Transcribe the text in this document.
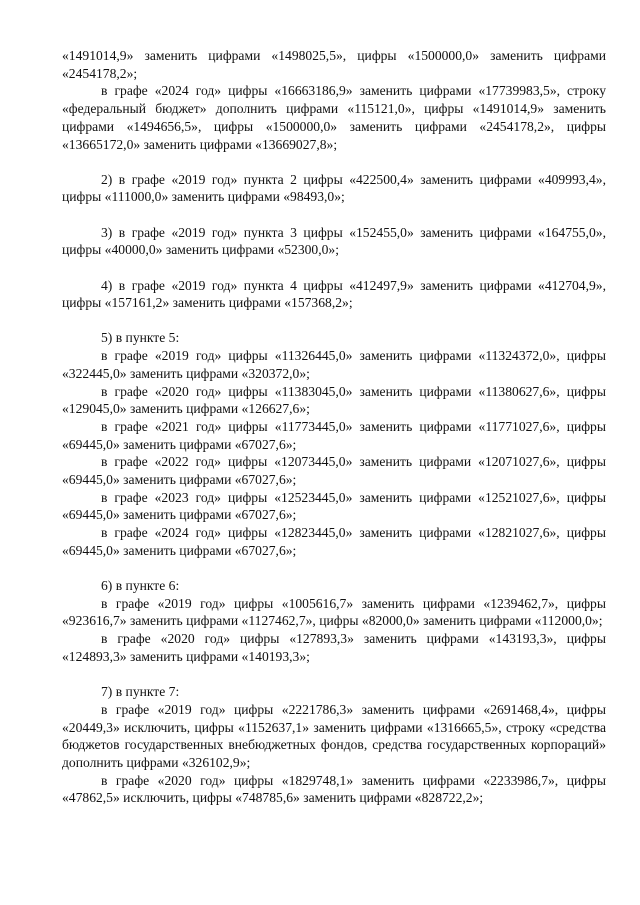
«1491014,9» заменить цифрами «1498025,5», цифры «1500000,0» заменить цифрами «2454178,2»;

в графе «2024 год» цифры «16663186,9» заменить цифрами «17739983,5», строку «федеральный бюджет» дополнить цифрами «115121,0», цифры «1491014,9» заменить цифрами «1494656,5», цифры «1500000,0» заменить цифрами «2454178,2», цифры «13665172,0» заменить цифрами «13669027,8»;

2) в графе «2019 год» пункта 2 цифры «422500,4» заменить цифрами «409993,4», цифры «111000,0» заменить цифрами «98493,0»;

3) в графе «2019 год» пункта 3 цифры «152455,0» заменить цифрами «164755,0», цифры «40000,0» заменить цифрами «52300,0»;

4) в графе «2019 год» пункта 4 цифры «412497,9» заменить цифрами «412704,9», цифры «157161,2» заменить цифрами «157368,2»;

5) в пункте 5:

в графе «2019 год» цифры «11326445,0» заменить цифрами «11324372,0», цифры «322445,0» заменить цифрами «320372,0»;

в графе «2020 год» цифры «11383045,0» заменить цифрами «11380627,6», цифры «129045,0» заменить цифрами «126627,6»;

в графе «2021 год» цифры «11773445,0» заменить цифрами «11771027,6», цифры «69445,0» заменить цифрами «67027,6»;

в графе «2022 год» цифры «12073445,0» заменить цифрами «12071027,6», цифры «69445,0» заменить цифрами «67027,6»;

в графе «2023 год» цифры «12523445,0» заменить цифрами «12521027,6», цифры «69445,0» заменить цифрами «67027,6»;

в графе «2024 год» цифры «12823445,0» заменить цифрами «12821027,6», цифры «69445,0» заменить цифрами «67027,6»;

6) в пункте 6:

в графе «2019 год» цифры «1005616,7» заменить цифрами «1239462,7», цифры «923616,7» заменить цифрами «1127462,7», цифры «82000,0» заменить цифрами «112000,0»;

в графе «2020 год» цифры «127893,3» заменить цифрами «143193,3», цифры «124893,3» заменить цифрами «140193,3»;

7) в пункте 7:

в графе «2019 год» цифры «2221786,3» заменить цифрами «2691468,4», цифры «20449,3» исключить, цифры «1152637,1» заменить цифрами «1316665,5», строку «средства бюджетов государственных внебюджетных фондов, средства государственных корпораций» дополнить цифрами «326102,9»;

в графе «2020 год» цифры «1829748,1» заменить цифрами «2233986,7», цифры «47862,5» исключить, цифры «748785,6» заменить цифрами «828722,2»;
